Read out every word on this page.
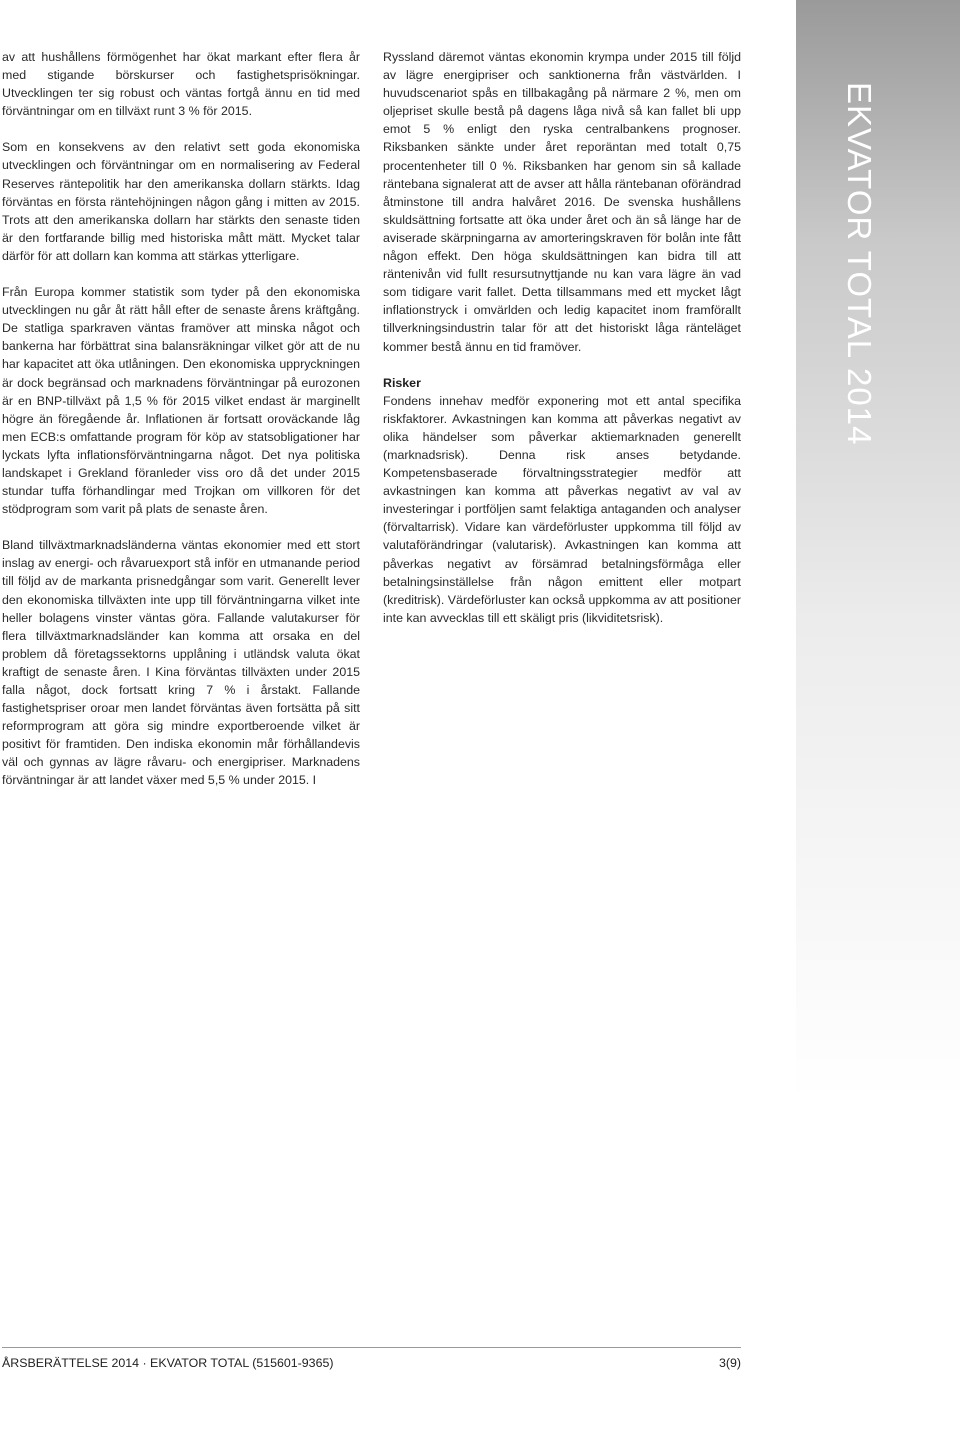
EKVATOR TOTAL 2014

av att hushållens förmögenhet har ökat markant efter flera år med stigande börskurser och fastighetsprisökningar. Utvecklingen ter sig robust och väntas fortgå ännu en tid med förväntningar om en tillväxt runt 3 % för 2015.

Som en konsekvens av den relativt sett goda ekonomiska utvecklingen och förväntningar om en normalisering av Federal Reserves räntepolitik har den amerikanska dollarn stärkts. Idag förväntas en första räntehöjningen någon gång i mitten av 2015. Trots att den amerikanska dollarn har stärkts den senaste tiden är den fortfarande billig med historiska mått mätt. Mycket talar därför för att dollarn kan komma att stärkas ytterligare.

Från Europa kommer statistik som tyder på den ekonomiska utvecklingen nu går åt rätt håll efter de senaste årens kräftgång. De statliga sparkraven väntas framöver att minska något och bankerna har förbättrat sina balansräkningar vilket gör att de nu har kapacitet att öka utlåningen. Den ekonomiska uppryckningen är dock begränsad och marknadens förväntningar på eurozonen är en BNP-tillväxt på 1,5 % för 2015 vilket endast är marginellt högre än föregående år. Inflationen är fortsatt oroväckande låg men ECB:s omfattande program för köp av statsobligationer har lyckats lyfta inflationsförväntningarna något. Det nya politiska landskapet i Grekland föranleder viss oro då det under 2015 stundar tuffa förhandlingar med Trojkan om villkoren för det stödprogram som varit på plats de senaste åren.

Bland tillväxtmarknadsländerna väntas ekonomier med ett stort inslag av energi- och råvaruexport stå inför en utmanande period till följd av de markanta prisnedgångar som varit. Generellt lever den ekonomiska tillväxten inte upp till förväntningarna vilket inte heller bolagens vinster väntas göra. Fallande valutakurser för flera tillväxtmarknadsländer kan komma att orsaka en del problem då företagssektorns upplåning i utländsk valuta ökat kraftigt de senaste åren. I Kina förväntas tillväxten under 2015 falla något, dock fortsatt kring 7 % i årstakt. Fallande fastighetspriser oroar men landet förväntas även fortsätta på sitt reformprogram att göra sig mindre exportberoende vilket är positivt för framtiden. Den indiska ekonomin mår förhållandevis väl och gynnas av lägre råvaru- och energipriser. Marknadens förväntningar är att landet växer med 5,5 % under 2015. I

Ryssland däremot väntas ekonomin krympa under 2015 till följd av lägre energipriser och sanktionerna från västvärlden. I huvudscenariot spås en tillbakagång på närmare 2 %, men om oljepriset skulle bestå på dagens låga nivå så kan fallet bli upp emot 5 % enligt den ryska centralbankens prognoser. Riksbanken sänkte under året reporäntan med totalt 0,75 procentenheter till 0 %. Riksbanken har genom sin så kallade räntebana signalerat att de avser att hålla räntebanan oförändrad åtminstone till andra halvåret 2016. De svenska hushållens skuldsättning fortsatte att öka under året och än så länge har de aviserade skärpningarna av amorteringskraven för bolån inte fått någon effekt. Den höga skuldsättningen kan bidra till att räntenivån vid fullt resursutnyttjande nu kan vara lägre än vad som tidigare varit fallet. Detta tillsammans med ett mycket lågt inflationstryck i omvärlden och ledig kapacitet inom framförallt tillverkningsindustrin talar för att det historiskt låga ränteläget kommer bestå ännu en tid framöver.

Risker

Fondens innehav medför exponering mot ett antal specifika riskfaktorer. Avkastningen kan komma att påverkas negativt av olika händelser som påverkar aktiemarknaden generellt (marknadsrisk). Denna risk anses betydande. Kompetensbaserade förvaltningsstrategier medför att avkastningen kan komma att påverkas negativt av val av investeringar i portföljen samt felaktiga antaganden och analyser (förvaltarrisk). Vidare kan värdeförluster uppkomma till följd av valutaförändringar (valutarisk). Avkastningen kan komma att påverkas negativt av försämrad betalningsförmåga eller betalningsinställelse från någon emittent eller motpart (kreditrisk). Värdeförluster kan också uppkomma av att positioner inte kan avvecklas till ett skäligt pris (likviditetsrisk).

ÅRSBERÄTTELSE 2014 · EKVATOR TOTAL (515601-9365)	3(9)
